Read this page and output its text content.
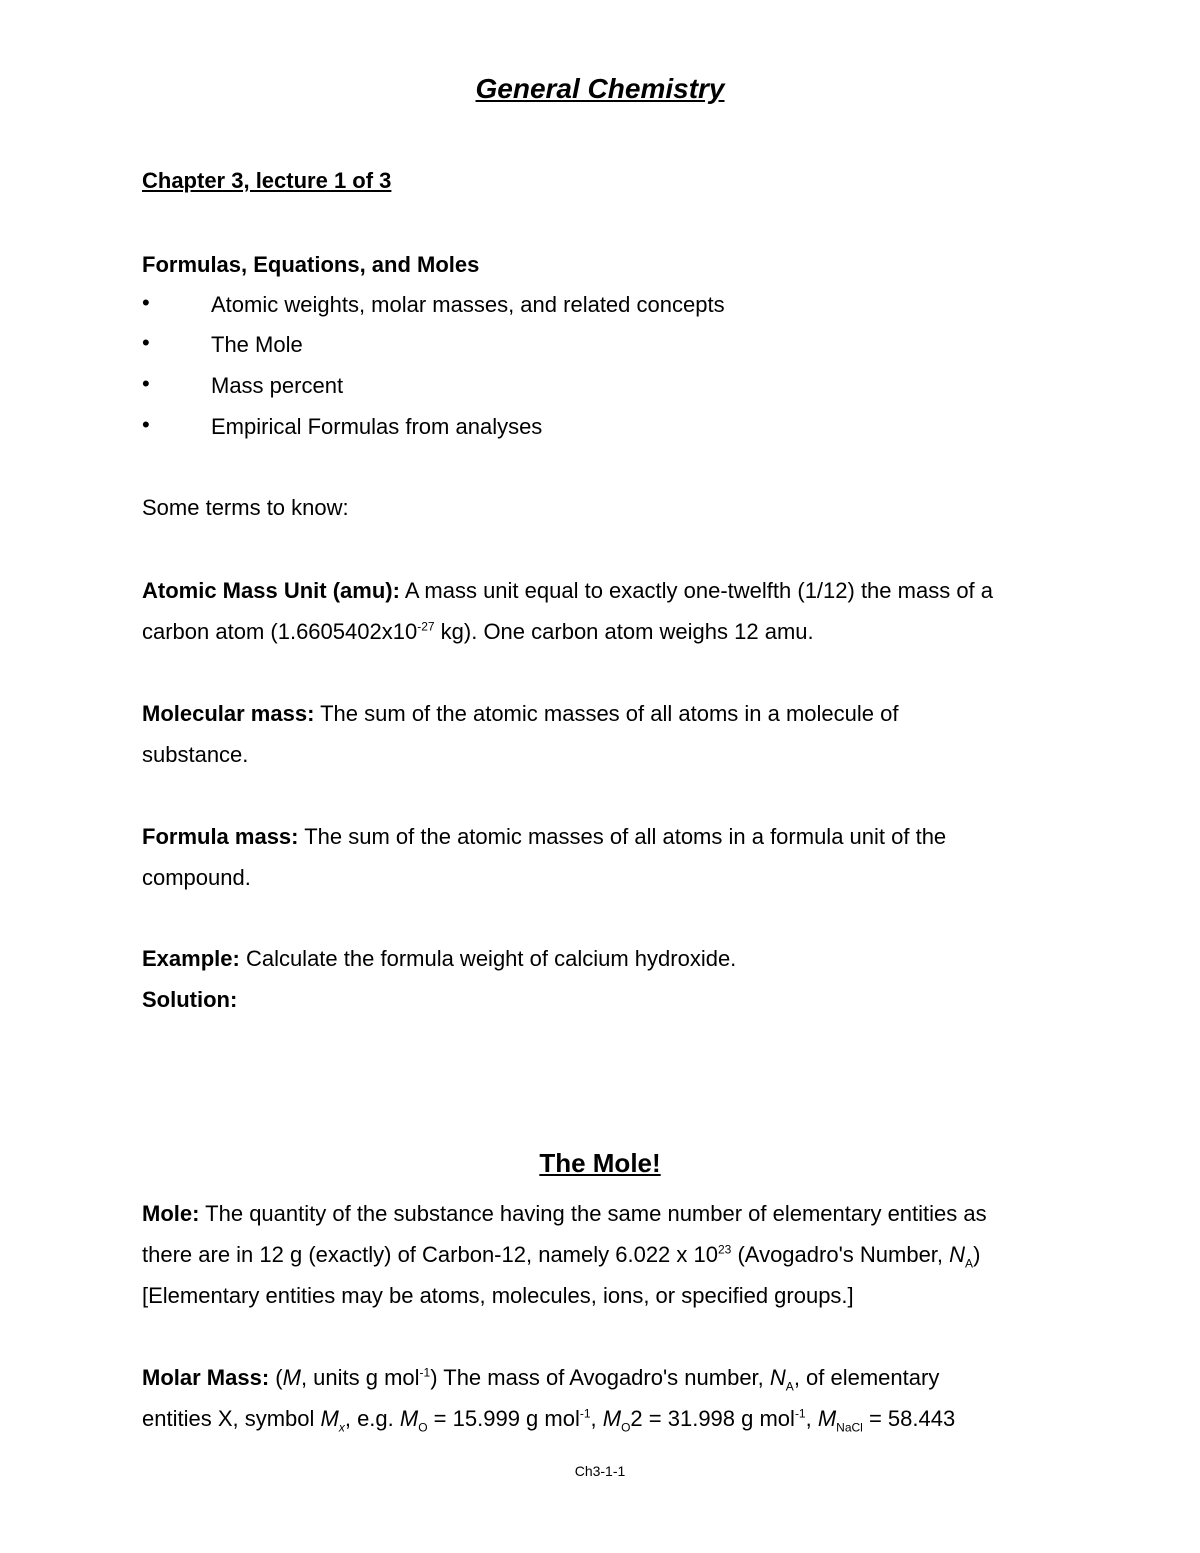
General Chemistry
Chapter 3, lecture 1 of 3
Formulas, Equations, and Moles
•	Atomic weights, molar masses, and related concepts
•	The Mole
•	Mass percent
•	Empirical Formulas from analyses
Some terms to know:
Atomic Mass Unit (amu): A mass unit equal to exactly one-twelfth (1/12) the mass of a
carbon atom ($1.6605402x10^{-27}$ kg). One carbon atom weighs 12 amu.
Molecular mass: The sum of the atomic masses of all atoms in a molecule of
substance.
Formula mass: The sum of the atomic masses of all atoms in a formula unit of the
compound.
Example: Calculate the formula weight of calcium hydroxide.
Solution:
The Mole!
Mole: The quantity of the substance having the same number of elementary entities as
there are in 12 g (exactly) of Carbon-12, namely 6.022 x $10^{23}$ (Avogadro's Number, $N_A$)
[Elementary entities may be atoms, molecules, ions, or specified groups.]
Molar Mass: (M, units g mol$^{-1}$) The mass of Avogadro's number, $N_A$, of elementary
entities X, symbol $M_x$, e.g. $M_O = 15.999$ g mol$^{-1}$, $M_O2 = 31.998$ g mol$^{-1}$, $M_{NaCl} = 58.443$
Ch3-1-1
